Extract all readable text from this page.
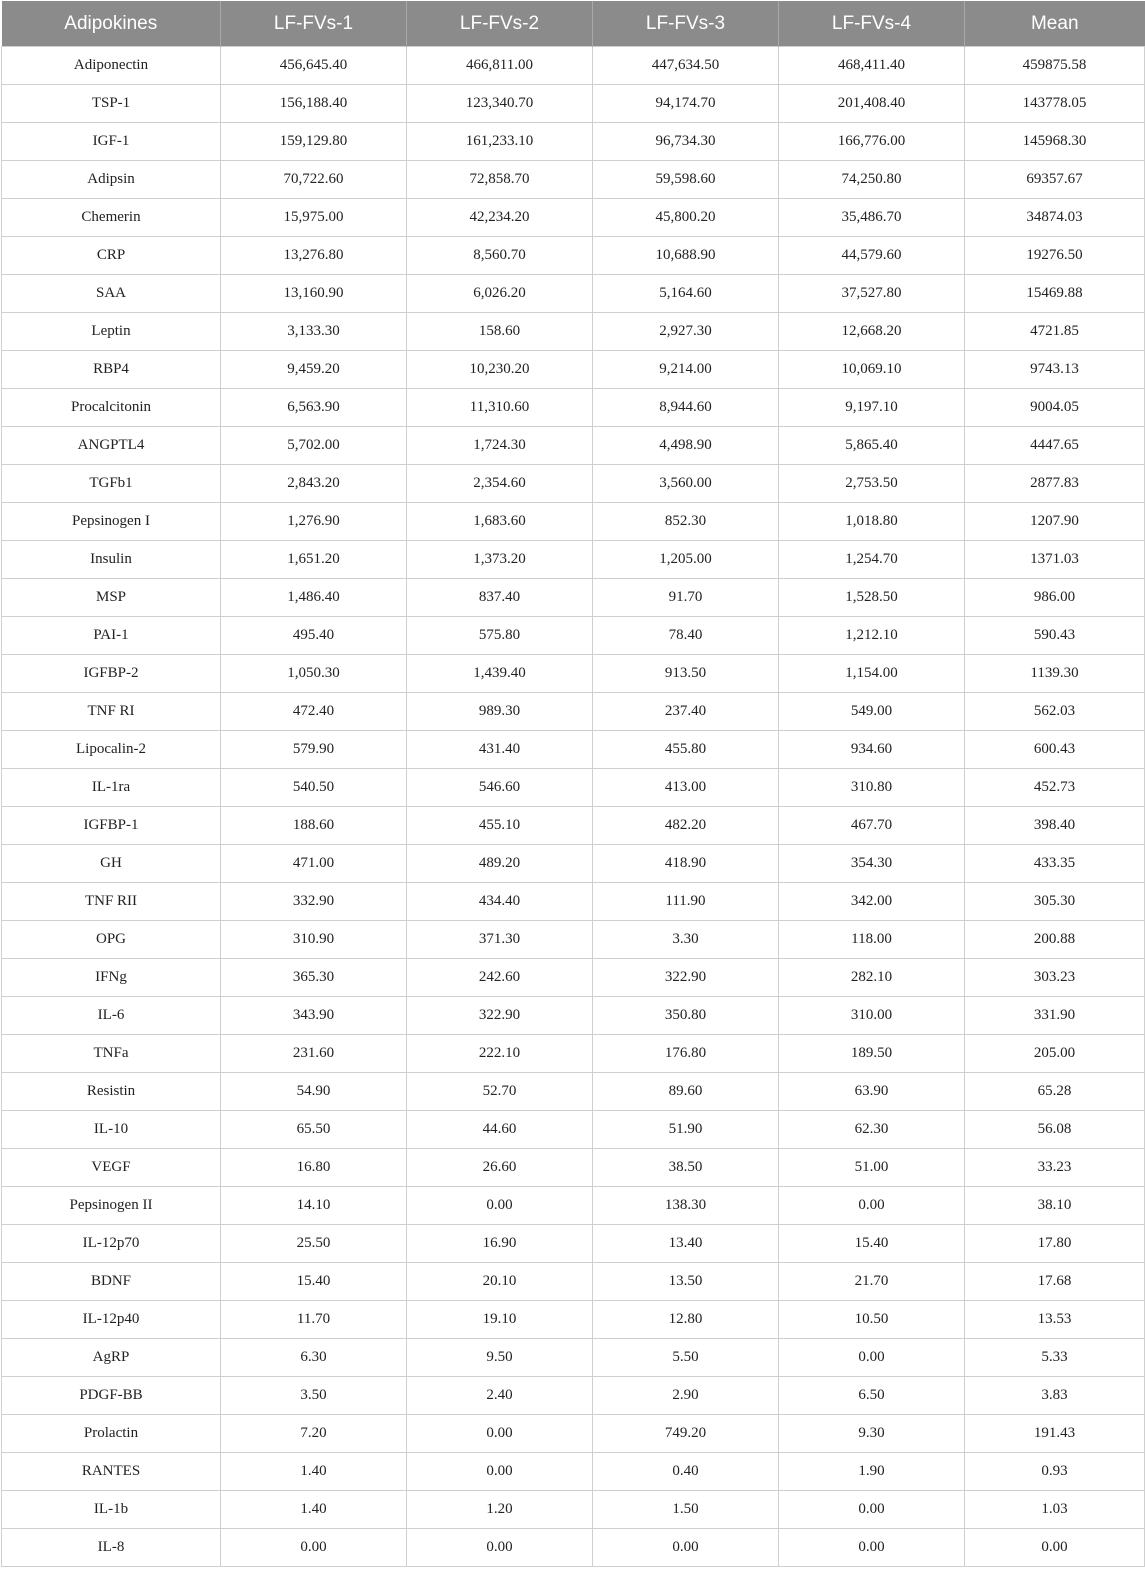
Adipokines	LF-FVs-1	LF-FVs-2	LF-FVs-3	LF-FVs-4	Mean
Adiponectin	456,645.40	466,811.00	447,634.50	468,411.40	459875.58
TSP-1	156,188.40	123,340.70	94,174.70	201,408.40	143778.05
IGF-1	159,129.80	161,233.10	96,734.30	166,776.00	145968.30
Adipsin	70,722.60	72,858.70	59,598.60	74,250.80	69357.67
Chemerin	15,975.00	42,234.20	45,800.20	35,486.70	34874.03
CRP	13,276.80	8,560.70	10,688.90	44,579.60	19276.50
SAA	13,160.90	6,026.20	5,164.60	37,527.80	15469.88
Leptin	3,133.30	158.60	2,927.30	12,668.20	4721.85
RBP4	9,459.20	10,230.20	9,214.00	10,069.10	9743.13
Procalcitonin	6,563.90	11,310.60	8,944.60	9,197.10	9004.05
ANGPTL4	5,702.00	1,724.30	4,498.90	5,865.40	4447.65
TGFb1	2,843.20	2,354.60	3,560.00	2,753.50	2877.83
Pepsinogen I	1,276.90	1,683.60	852.30	1,018.80	1207.90
Insulin	1,651.20	1,373.20	1,205.00	1,254.70	1371.03
MSP	1,486.40	837.40	91.70	1,528.50	986.00
PAI-1	495.40	575.80	78.40	1,212.10	590.43
IGFBP-2	1,050.30	1,439.40	913.50	1,154.00	1139.30
TNF RI	472.40	989.30	237.40	549.00	562.03
Lipocalin-2	579.90	431.40	455.80	934.60	600.43
IL-1ra	540.50	546.60	413.00	310.80	452.73
IGFBP-1	188.60	455.10	482.20	467.70	398.40
GH	471.00	489.20	418.90	354.30	433.35
TNF RII	332.90	434.40	111.90	342.00	305.30
OPG	310.90	371.30	3.30	118.00	200.88
IFNg	365.30	242.60	322.90	282.10	303.23
IL-6	343.90	322.90	350.80	310.00	331.90
TNFa	231.60	222.10	176.80	189.50	205.00
Resistin	54.90	52.70	89.60	63.90	65.28
IL-10	65.50	44.60	51.90	62.30	56.08
VEGF	16.80	26.60	38.50	51.00	33.23
Pepsinogen II	14.10	0.00	138.30	0.00	38.10
IL-12p70	25.50	16.90	13.40	15.40	17.80
BDNF	15.40	20.10	13.50	21.70	17.68
IL-12p40	11.70	19.10	12.80	10.50	13.53
AgRP	6.30	9.50	5.50	0.00	5.33
PDGF-BB	3.50	2.40	2.90	6.50	3.83
Prolactin	7.20	0.00	749.20	9.30	191.43
RANTES	1.40	0.00	0.40	1.90	0.93
IL-1b	1.40	1.20	1.50	0.00	1.03
IL-8	0.00	0.00	0.00	0.00	0.00
